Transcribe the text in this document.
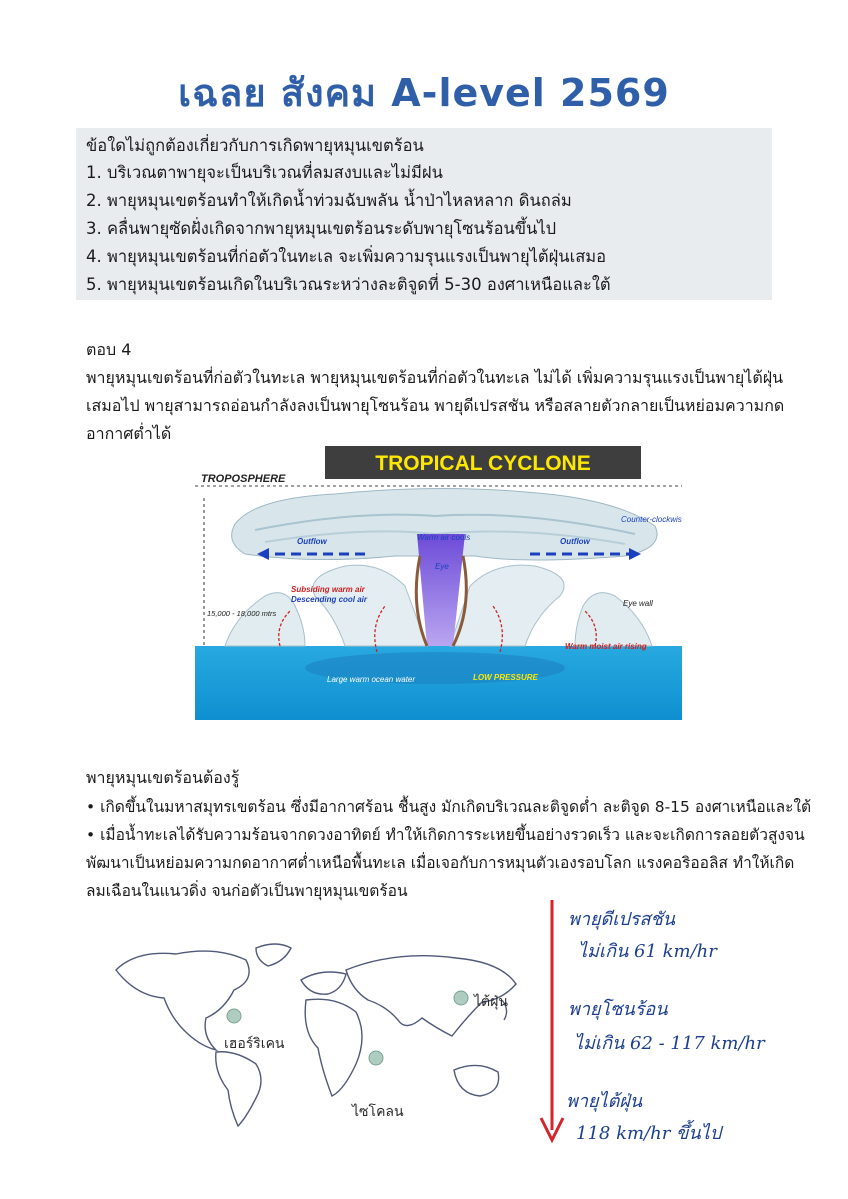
เฉลย สังคม A-level 2569
ข้อใดไม่ถูกต้องเกี่ยวกับการเกิดพายุหมุนเขตร้อน
1. บริเวณตาพายุจะเป็นบริเวณที่ลมสงบและไม่มีฝน
2. พายุหมุนเขตร้อนทำให้เกิดน้ำท่วมฉับพลัน น้ำป่าไหลหลาก ดินถล่ม
3. คลื่นพายุซัดฝั่งเกิดจากพายุหมุนเขตร้อนระดับพายุโซนร้อนขึ้นไป
4. พายุหมุนเขตร้อนที่ก่อตัวในทะเล จะเพิ่มความรุนแรงเป็นพายุไต้ฝุ่นเสมอ
5. พายุหมุนเขตร้อนเกิดในบริเวณระหว่างละติจูดที่ 5-30 องศาเหนือและใต้
ตอบ 4
พายุหมุนเขตร้อนที่ก่อตัวในทะเล พายุหมุนเขตร้อนที่ก่อตัวในทะเล ไม่ได้ เพิ่มความรุนแรงเป็นพายุไต้ฝุ่น
เสมอไป พายุสามารถอ่อนกำลังลงเป็นพายุโซนร้อน พายุดีเปรสชัน หรือสลายตัวกลายเป็นหย่อมความกด
อากาศต่ำได้
TROPOSPHERE
TROPICAL CYCLONE
Outflow	Outflow
Counter-clockwise
Warm air cools
Eye
Subsiding warm air
Descending cool air
15,000 - 18,000 mtrs
Eye wall
Warm moist air rising
Large warm ocean water	LOW PRESSURE
พายุหมุนเขตร้อนต้องรู้
• เกิดขึ้นในมหาสมุทรเขตร้อน ซึ่งมีอากาศร้อน ชื้นสูง มักเกิดบริเวณละติจูดต่ำ ละติจูด 8-15 องศาเหนือและใต้
• เมื่อน้ำทะเลได้รับความร้อนจากดวงอาทิตย์ ทำให้เกิดการระเหยขึ้นอย่างรวดเร็ว และจะเกิดการลอยตัวสูงจน
พัฒนาเป็นหย่อมความกดอากาศต่ำเหนือพื้นทะเล เมื่อเจอกับการหมุนตัวเองรอบโลก แรงคอริออลิส ทำให้เกิด
ลมเฉือนในแนวดิ่ง จนก่อตัวเป็นพายุหมุนเขตร้อน
เฮอร์ริเคน
ไซโคลน
ไต้ฝุ่น
พายุดีเปรสชัน
ไม่เกิน 61 km/hr
พายุโซนร้อน
ไม่เกิน 62 - 117 km/hr
พายุไต้ฝุ่น
118 km/hr ขึ้นไป
